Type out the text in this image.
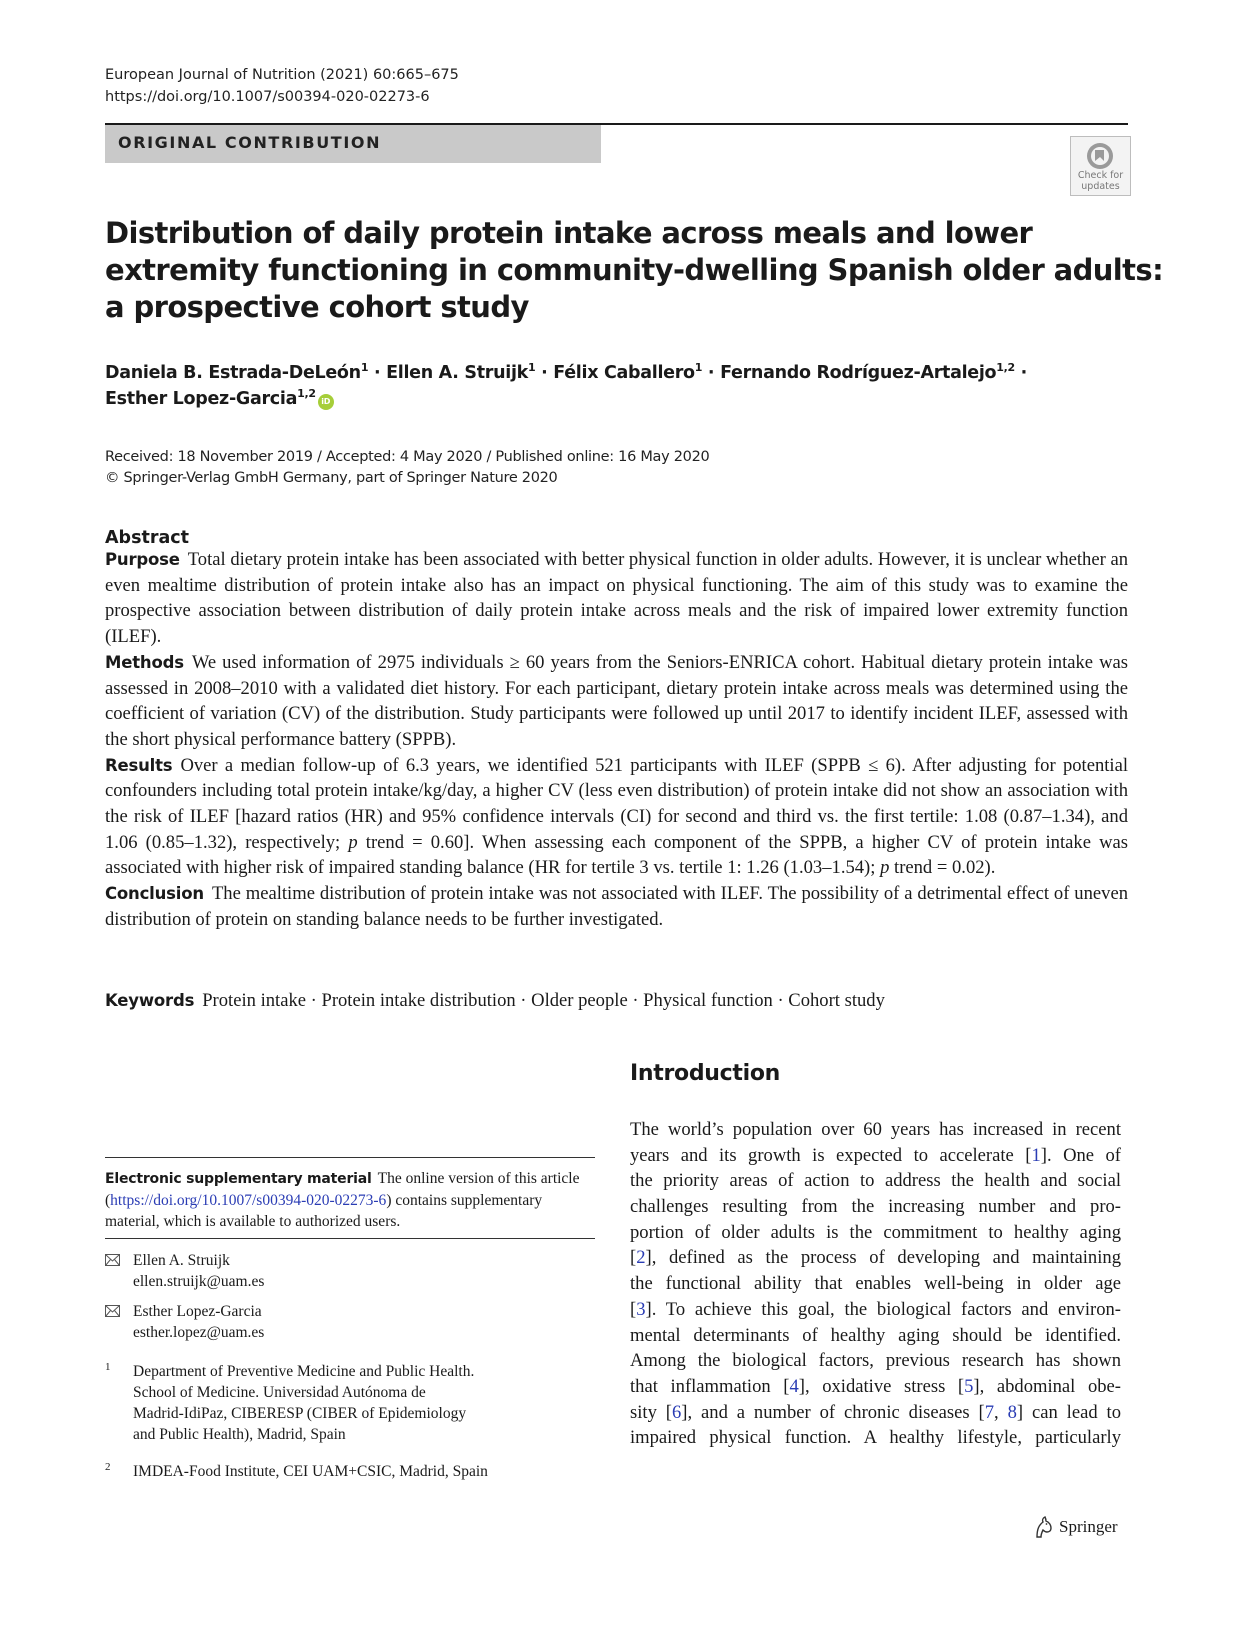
European Journal of Nutrition (2021) 60:665–675
https://doi.org/10.1007/s00394-020-02273-6
ORIGINAL CONTRIBUTION
Check for updates
Distribution of daily protein intake across meals and lower
extremity functioning in community-dwelling Spanish older adults:
a prospective cohort study
Daniela B. Estrada-DeLeón$^1$ · Ellen A. Struijk$^1$ · Félix Caballero$^1$ · Fernando Rodríguez-Artalejo$^{1,2}$ ·
Esther Lopez-Garcia$^{1,2}$iD
Received: 18 November 2019 / Accepted: 4 May 2020 / Published online: 16 May 2020
© Springer-Verlag GmbH Germany, part of Springer Nature 2020
Abstract

Purpose Total dietary protein intake has been associated with better physical function in older adults. However, it is unclear whether an even mealtime distribution of protein intake also has an impact on physical functioning. The aim of this study was to examine the prospective association between distribution of daily protein intake across meals and the risk of impaired lower extremity function (ILEF).

Methods We used information of 2975 individuals ≥ 60 years from the Seniors-ENRICA cohort. Habitual dietary protein intake was assessed in 2008–2010 with a validated diet history. For each participant, dietary protein intake across meals was determined using the coefficient of variation (CV) of the distribution. Study participants were followed up until 2017 to identify incident ILEF, assessed with the short physical performance battery (SPPB).

Results Over a median follow-up of 6.3 years, we identified 521 participants with ILEF (SPPB ≤ 6). After adjusting for potential confounders including total protein intake/kg/day, a higher CV (less even distribution) of protein intake did not show an association with the risk of ILEF [hazard ratios (HR) and 95% confidence intervals (CI) for second and third vs. the first tertile: 1.08 (0.87–1.34), and 1.06 (0.85–1.32), respectively; p trend = 0.60]. When assessing each component of the SPPB, a higher CV of protein intake was associated with higher risk of impaired standing balance (HR for tertile 3 vs. tertile 1: 1.26 (1.03–1.54); p trend = 0.02).

Conclusion The mealtime distribution of protein intake was not associated with ILEF. The possibility of a detrimental effect of uneven distribution of protein on standing balance needs to be further investigated.

Keywords Protein intake · Protein intake distribution · Older people · Physical function · Cohort study
Introduction
The world’s population over 60 years has increased in recent
years and its growth is expected to accelerate [1]. One of
the priority areas of action to address the health and social
challenges resulting from the increasing number and pro-
portion of older adults is the commitment to healthy aging
[2], defined as the process of developing and maintaining
the functional ability that enables well-being in older age
[3]. To achieve this goal, the biological factors and environ-
mental determinants of healthy aging should be identified.
Among the biological factors, previous research has shown
that inflammation [4], oxidative stress [5], abdominal obe-
sity [6], and a number of chronic diseases [7, 8] can lead to
impaired physical function. A healthy lifestyle, particularly
Electronic supplementary material The online version of this article (https://doi.org/10.1007/s00394-020-02273-6) contains supplementary material, which is available to authorized users.
Ellen A. Struijk
ellen.struijk@uam.es
Esther Lopez-Garcia
esther.lopez@uam.es
1 Department of Preventive Medicine and Public Health.
School of Medicine. Universidad Autónoma de
Madrid-IdiPaz, CIBERESP (CIBER of Epidemiology
and Public Health), Madrid, Spain
2 IMDEA-Food Institute, CEI UAM+CSIC, Madrid, Spain
Springer
